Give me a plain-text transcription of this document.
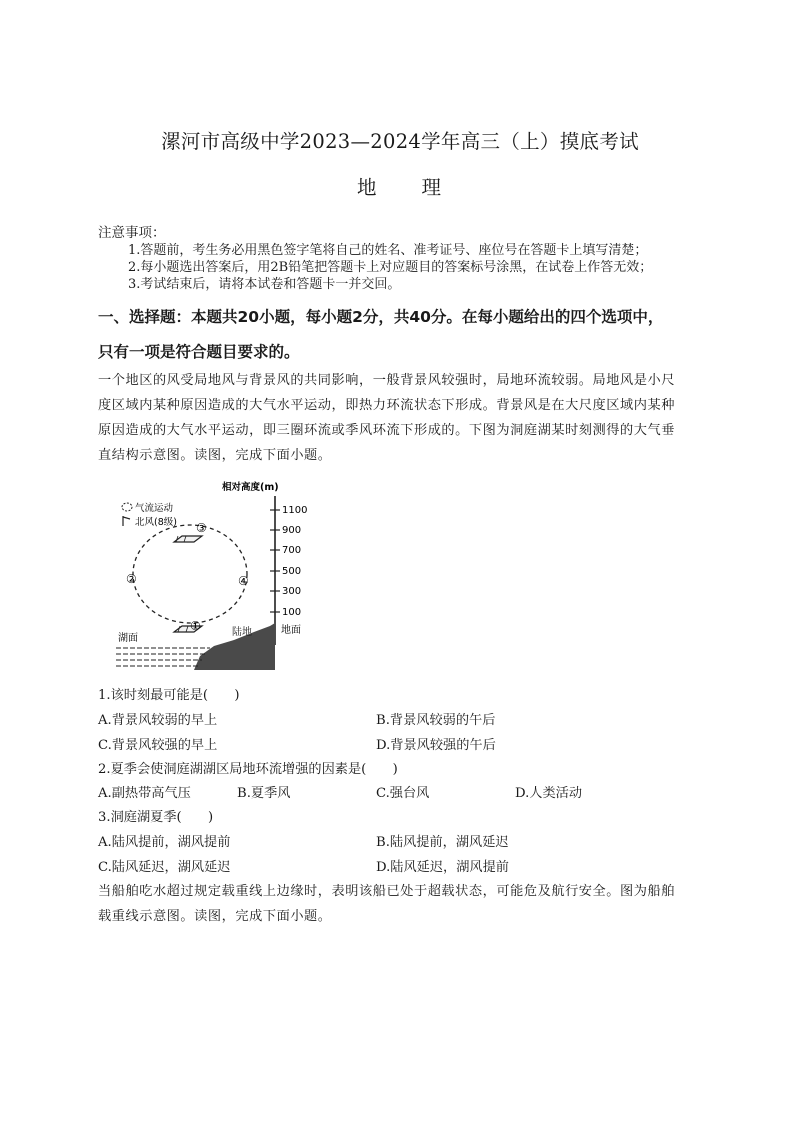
漯河市高级中学2023—2024学年高三（上）摸底考试
地　　理
注意事项：
1.答题前，考生务必用黑色签字笔将自己的姓名、准考证号、座位号在答题卡上填写清楚；
2.每小题选出答案后，用2B铅笔把答题卡上对应题目的答案标号涂黑，在试卷上作答无效；
3.考试结束后，请将本试卷和答题卡一并交回。
一、选择题：本题共20小题，每小题2分，共40分。在每小题给出的四个选项中，
只有一项是符合题目要求的。
一个地区的风受局地风与背景风的共同影响，一般背景风较强时，局地环流较弱。局地风是小尺
度区域内某种原因造成的大气水平运动，即热力环流状态下形成。背景风是在大尺度区域内某种
原因造成的大气水平运动，即三圈环流或季风环流下形成的。下图为洞庭湖某时刻测得的大气垂
直结构示意图。读图，完成下面小题。
相对高度(m)
1100
900
700
500
300
100
地面
气流运动
北风(8级) ③
①
②	④
陆地
湖面
1.该时刻最可能是(　　)
A.背景风较弱的早上	B.背景风较弱的午后
C.背景风较强的早上	D.背景风较强的午后
2.夏季会使洞庭湖湖区局地环流增强的因素是(　　)
A.副热带高气压	B.夏季风	C.强台风	D.人类活动
3.洞庭湖夏季(　　)
A.陆风提前，湖风提前	B.陆风提前，湖风延迟
C.陆风延迟，湖风延迟	D.陆风延迟，湖风提前
当船舶吃水超过规定载重线上边缘时，表明该船已处于超载状态，可能危及航行安全。图为船舶
载重线示意图。读图，完成下面小题。
